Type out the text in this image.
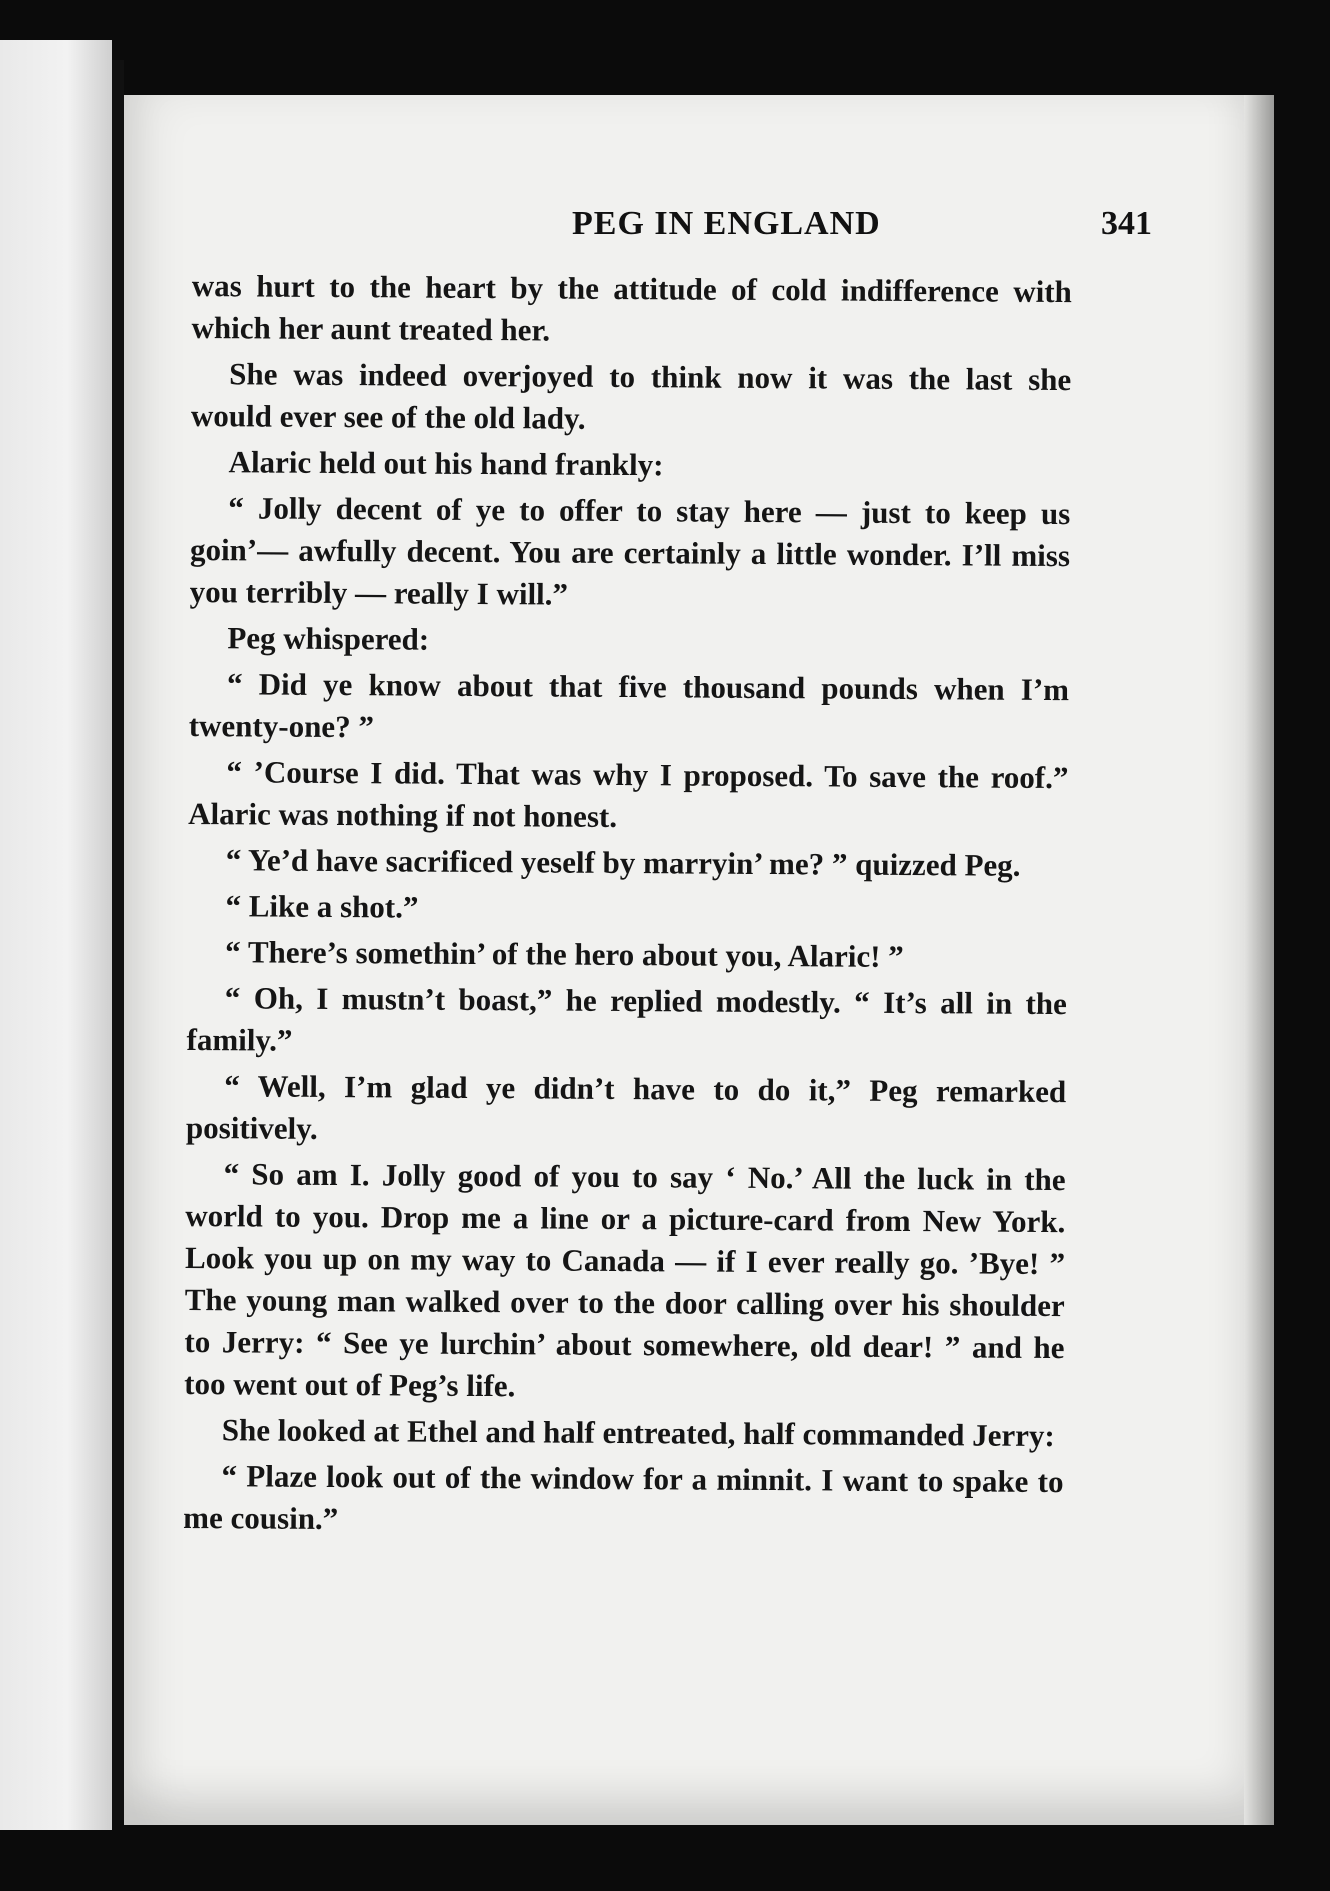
PEG IN ENGLAND	341

was hurt to the heart by the attitude of cold indifference with which her aunt treated her.

She was indeed overjoyed to think now it was the last she would ever see of the old lady.

Alaric held out his hand frankly:

“ Jolly decent of ye to offer to stay here — just to keep us goin’— awfully decent. You are certainly a little wonder. I’ll miss you terribly — really I will.”

Peg whispered:

“ Did ye know about that five thousand pounds when I’m twenty-one? ”

“ ’Course I did. That was why I proposed. To save the roof.” Alaric was nothing if not honest.

“ Ye’d have sacrificed yeself by marryin’ me? ” quizzed Peg.

“ Like a shot.”

“ There’s somethin’ of the hero about you, Alaric! ”

“ Oh, I mustn’t boast,” he replied modestly. “ It’s all in the family.”

“ Well, I’m glad ye didn’t have to do it,” Peg remarked positively.

“ So am I. Jolly good of you to say ‘ No.’ All the luck in the world to you. Drop me a line or a picture-card from New York. Look you up on my way to Canada — if I ever really go. ’Bye! ” The young man walked over to the door calling over his shoulder to Jerry: “ See ye lurchin’ about somewhere, old dear! ” and he too went out of Peg’s life.

She looked at Ethel and half entreated, half commanded Jerry:

“ Plaze look out of the window for a minnit. I want to spake to me cousin.”
